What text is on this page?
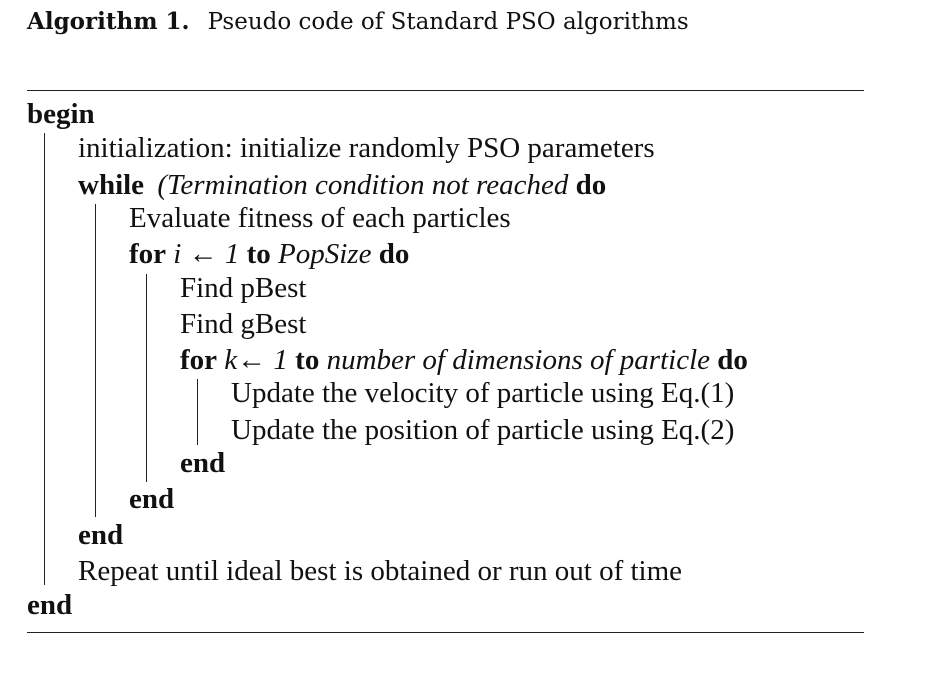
Algorithm 1. Pseudo code of Standard PSO algorithms
begin
initialization: initialize randomly PSO parameters
while (Termination condition not reached do
Evaluate fitness of each particles
for i ← 1 to PopSize do
Find pBest
Find gBest
for k← 1 to number of dimensions of particle do
Update the velocity of particle using Eq.(1)
Update the position of particle using Eq.(2)
end
end
end
Repeat until ideal best is obtained or run out of time
end
